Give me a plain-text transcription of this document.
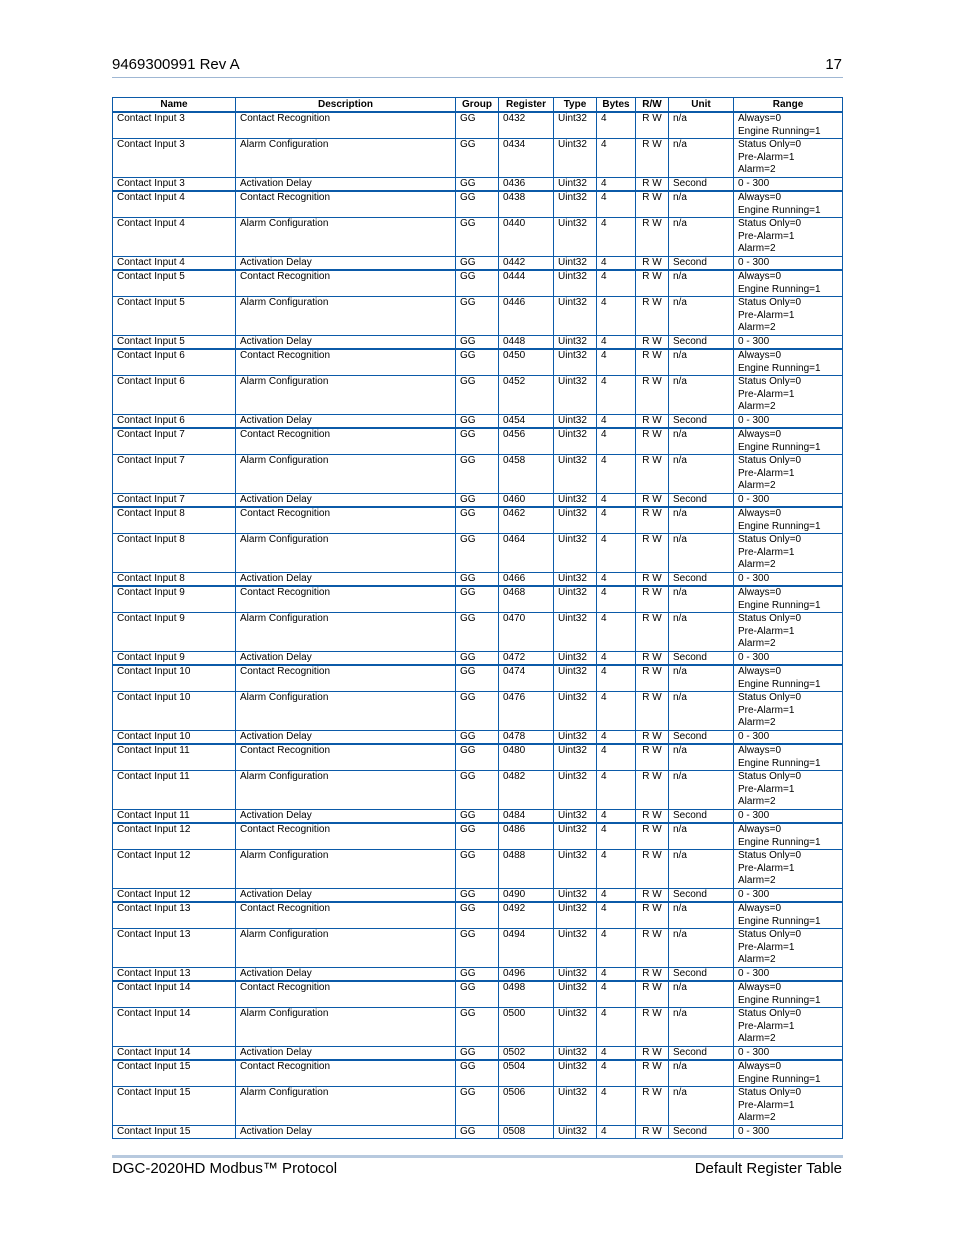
9469300991 Rev A	17
Name	Description	Group	Register	Type	Bytes	R/W	Unit	Range
Contact Input 3	Contact Recognition	GG	0432	Uint32	4	R W	n/a	Always=0
Engine Running=1

Contact Input 3	Alarm Configuration	GG	0434	Uint32	4	R W	n/a	Status Only=0
Pre-Alarm=1
Alarm=2

Contact Input 3	Activation Delay	GG	0436	Uint32	4	R W	Second	0 - 300

Contact Input 4	Contact Recognition	GG	0438	Uint32	4	R W	n/a	Always=0
Engine Running=1

Contact Input 4	Alarm Configuration	GG	0440	Uint32	4	R W	n/a	Status Only=0
Pre-Alarm=1
Alarm=2

Contact Input 4	Activation Delay	GG	0442	Uint32	4	R W	Second	0 - 300

Contact Input 5	Contact Recognition	GG	0444	Uint32	4	R W	n/a	Always=0
Engine Running=1

Contact Input 5	Alarm Configuration	GG	0446	Uint32	4	R W	n/a	Status Only=0
Pre-Alarm=1
Alarm=2

Contact Input 5	Activation Delay	GG	0448	Uint32	4	R W	Second	0 - 300

Contact Input 6	Contact Recognition	GG	0450	Uint32	4	R W	n/a	Always=0
Engine Running=1

Contact Input 6	Alarm Configuration	GG	0452	Uint32	4	R W	n/a	Status Only=0
Pre-Alarm=1
Alarm=2

Contact Input 6	Activation Delay	GG	0454	Uint32	4	R W	Second	0 - 300

Contact Input 7	Contact Recognition	GG	0456	Uint32	4	R W	n/a	Always=0
Engine Running=1

Contact Input 7	Alarm Configuration	GG	0458	Uint32	4	R W	n/a	Status Only=0
Pre-Alarm=1
Alarm=2

Contact Input 7	Activation Delay	GG	0460	Uint32	4	R W	Second	0 - 300

Contact Input 8	Contact Recognition	GG	0462	Uint32	4	R W	n/a	Always=0
Engine Running=1

Contact Input 8	Alarm Configuration	GG	0464	Uint32	4	R W	n/a	Status Only=0
Pre-Alarm=1
Alarm=2

Contact Input 8	Activation Delay	GG	0466	Uint32	4	R W	Second	0 - 300

Contact Input 9	Contact Recognition	GG	0468	Uint32	4	R W	n/a	Always=0
Engine Running=1

Contact Input 9	Alarm Configuration	GG	0470	Uint32	4	R W	n/a	Status Only=0
Pre-Alarm=1
Alarm=2

Contact Input 9	Activation Delay	GG	0472	Uint32	4	R W	Second	0 - 300

Contact Input 10	Contact Recognition	GG	0474	Uint32	4	R W	n/a	Always=0
Engine Running=1

Contact Input 10	Alarm Configuration	GG	0476	Uint32	4	R W	n/a	Status Only=0
Pre-Alarm=1
Alarm=2

Contact Input 10	Activation Delay	GG	0478	Uint32	4	R W	Second	0 - 300

Contact Input 11	Contact Recognition	GG	0480	Uint32	4	R W	n/a	Always=0
Engine Running=1

Contact Input 11	Alarm Configuration	GG	0482	Uint32	4	R W	n/a	Status Only=0
Pre-Alarm=1
Alarm=2

Contact Input 11	Activation Delay	GG	0484	Uint32	4	R W	Second	0 - 300

Contact Input 12	Contact Recognition	GG	0486	Uint32	4	R W	n/a	Always=0
Engine Running=1

Contact Input 12	Alarm Configuration	GG	0488	Uint32	4	R W	n/a	Status Only=0
Pre-Alarm=1
Alarm=2

Contact Input 12	Activation Delay	GG	0490	Uint32	4	R W	Second	0 - 300

Contact Input 13	Contact Recognition	GG	0492	Uint32	4	R W	n/a	Always=0
Engine Running=1

Contact Input 13	Alarm Configuration	GG	0494	Uint32	4	R W	n/a	Status Only=0
Pre-Alarm=1
Alarm=2

Contact Input 13	Activation Delay	GG	0496	Uint32	4	R W	Second	0 - 300

Contact Input 14	Contact Recognition	GG	0498	Uint32	4	R W	n/a	Always=0
Engine Running=1

Contact Input 14	Alarm Configuration	GG	0500	Uint32	4	R W	n/a	Status Only=0
Pre-Alarm=1
Alarm=2

Contact Input 14	Activation Delay	GG	0502	Uint32	4	R W	Second	0 - 300

Contact Input 15	Contact Recognition	GG	0504	Uint32	4	R W	n/a	Always=0
Engine Running=1

Contact Input 15	Alarm Configuration	GG	0506	Uint32	4	R W	n/a	Status Only=0
Pre-Alarm=1
Alarm=2

Contact Input 15	Activation Delay	GG	0508	Uint32	4	R W	Second	0 - 300
DGC-2020HD Modbus™ Protocol	Default Register Table
